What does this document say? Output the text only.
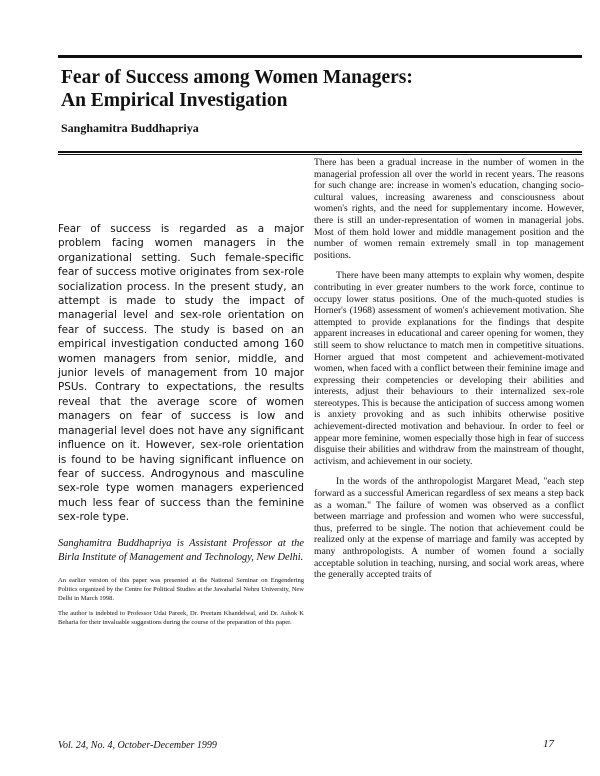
Fear of Success among Women Managers:
An Empirical Investigation

Sanghamitra Buddhapriya

Fear of success is regarded as a major problem facing women managers in the organizational setting. Such female-specific fear of success motive originates from sex-role socialization process. In the present study, an attempt is made to study the impact of managerial level and sex-role orientation on fear of success. The study is based on an empirical investigation conducted among 160 women managers from senior, middle, and junior levels of management from 10 major PSUs. Contrary to expectations, the results reveal that the average score of women managers on fear of success is low and managerial level does not have any significant influence on it. However, sex-role orientation is found to be having significant influence on fear of success. Androgynous and masculine sex-role type women managers experienced much less fear of success than the feminine sex-role type.

Sanghamitra Buddhapriya is Assistant Professor at the Birla Institute of Management and Technology, New Delhi.

An earlier version of this paper was presented at the National Seminar on Engendering Politics organized by the Centre for Political Studies at the Jawaharlal Nehru University, New Delhi in March 1998.

The author is indebted to Professor Udai Pareek, Dr. Preetam Khandelwal, and Dr. Ashok K Beharia for their invaluable suggestions during the course of the preparation of this paper.

There has been a gradual increase in the number of women in the managerial profession all over the world in recent years. The reasons for such change are: increase in women's education, changing socio-cultural values, increasing awareness and consciousness about women's rights, and the need for supplementary income. However, there is still an under-representation of women in managerial jobs. Most of them hold lower and middle management position and the number of women remain extremely small in top management positions.

There have been many attempts to explain why women, despite contributing in ever greater numbers to the work force, continue to occupy lower status positions. One of the much-quoted studies is Horner's (1968) assessment of women's achievement motivation. She attempted to provide explanations for the findings that despite apparent increases in educational and career opening for women, they still seem to show reluctance to match men in competitive situations. Horner argued that most competent and achievement-motivated women, when faced with a conflict between their feminine image and expressing their competencies or developing their abilities and interests, adjust their behaviours to their internalized sex-role stereotypes. This is because the anticipation of success among women is anxiety provoking and as such inhibits otherwise positive achievement-directed motivation and behaviour. In order to feel or appear more feminine, women especially those high in fear of success disguise their abilities and withdraw from the mainstream of thought, activism, and achievement in our society.

In the words of the anthropologist Margaret Mead, "each step forward as a successful American regardless of sex means a step back as a woman." The failure of women was observed as a conflict between marriage and profession and women who were successful, thus, preferred to be single. The notion that achievement could be realized only at the expense of marriage and family was accepted by many anthropologists. A number of women found a socially acceptable solution in teaching, nursing, and social work areas, where the generally accepted traits of

Vol. 24, No. 4, October-December 1999	17
